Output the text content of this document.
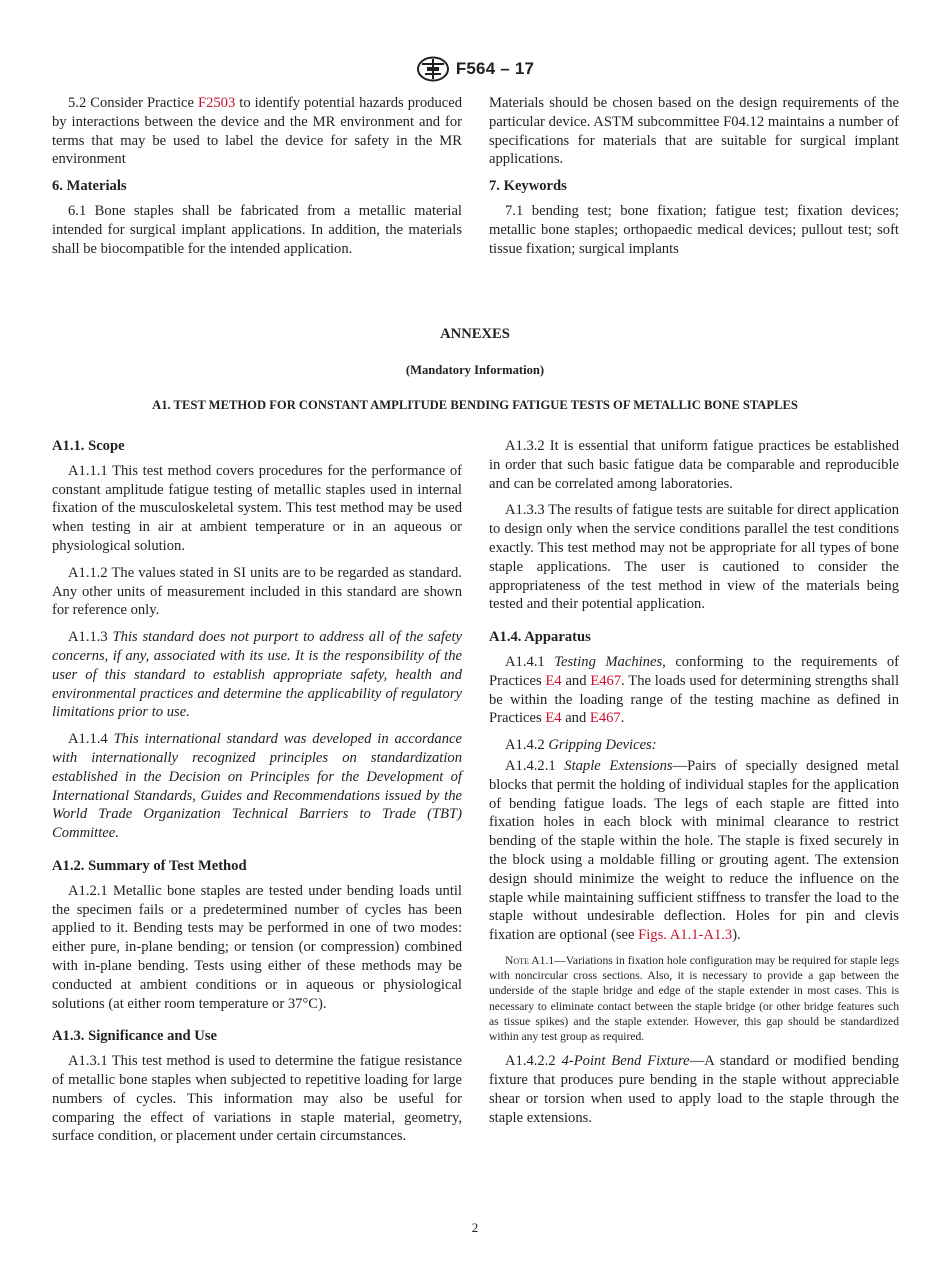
F564 – 17

5.2 Consider Practice F2503 to identify potential hazards produced by interactions between the device and the MR environment and for terms that may be used to label the device for safety in the MR environment

6. Materials

6.1 Bone staples shall be fabricated from a metallic material intended for surgical implant applications. In addition, the materials shall be biocompatible for the intended application.

Materials should be chosen based on the design requirements of the particular device. ASTM subcommittee F04.12 maintains a number of specifications for materials that are suitable for surgical implant applications.

7. Keywords

7.1 bending test; bone fixation; fatigue test; fixation devices; metallic bone staples; orthopaedic medical devices; pullout test; soft tissue fixation; surgical implants

ANNEXES
(Mandatory Information)
A1. TEST METHOD FOR CONSTANT AMPLITUDE BENDING FATIGUE TESTS OF METALLIC BONE STAPLES
A1.1. Scope

A1.1.1 This test method covers procedures for the performance of constant amplitude fatigue testing of metallic staples used in internal fixation of the musculoskeletal system. This test method may be used when testing in air at ambient temperature or in an aqueous or physiological solution.

A1.1.2 The values stated in SI units are to be regarded as standard. Any other units of measurement included in this standard are shown for reference only.

A1.1.3 This standard does not purport to address all of the safety concerns, if any, associated with its use. It is the responsibility of the user of this standard to establish appropriate safety, health and environmental practices and determine the applicability of regulatory limitations prior to use.

A1.1.4 This international standard was developed in accordance with internationally recognized principles on standardization established in the Decision on Principles for the Development of International Standards, Guides and Recommendations issued by the World Trade Organization Technical Barriers to Trade (TBT) Committee.

A1.2. Summary of Test Method

A1.2.1 Metallic bone staples are tested under bending loads until the specimen fails or a predetermined number of cycles has been applied to it. Bending tests may be performed in one of two modes: either pure, in-plane bending; or tension (or compression) combined with in-plane bending. Tests using either of these methods may be conducted at ambient conditions or in aqueous or physiological solutions (at either room temperature or 37°C).

A1.3. Significance and Use

A1.3.1 This test method is used to determine the fatigue resistance of metallic bone staples when subjected to repetitive loading for large numbers of cycles. This information may also be useful for comparing the effect of variations in staple material, geometry, surface condition, or placement under certain circumstances.

A1.3.2 It is essential that uniform fatigue practices be established in order that such basic fatigue data be comparable and reproducible and can be correlated among laboratories.

A1.3.3 The results of fatigue tests are suitable for direct application to design only when the service conditions parallel the test conditions exactly. This test method may not be appropriate for all types of bone staple applications. The user is cautioned to consider the appropriateness of the test method in view of the materials being tested and their potential application.

A1.4. Apparatus

A1.4.1 Testing Machines, conforming to the requirements of Practices E4 and E467. The loads used for determining strengths shall be within the loading range of the testing machine as defined in Practices E4 and E467.

A1.4.2 Gripping Devices:

A1.4.2.1 Staple Extensions—Pairs of specially designed metal blocks that permit the holding of individual staples for the application of bending fatigue loads. The legs of each staple are fitted into fixation holes in each block with minimal clearance to restrict bending of the staple within the hole. The staple is fixed securely in the block using a moldable filling or grouting agent. The extension design should minimize the weight to reduce the influence on the staple while maintaining sufficient stiffness to transfer the load to the staple without undesirable deflection. Holes for pin and clevis fixation are optional (see Figs. A1.1-A1.3).

Note A1.1—Variations in fixation hole configuration may be required for staple legs with noncircular cross sections. Also, it is necessary to provide a gap between the underside of the staple bridge and edge of the staple extender in most cases. This is necessary to eliminate contact between the staple bridge (or other bridge features such as tissue spikes) and the staple extender. However, this gap should be standardized within any test group as required.

A1.4.2.2 4-Point Bend Fixture—A standard or modified bending fixture that produces pure bending in the staple without appreciable shear or torsion when used to apply load to the staple through the staple extensions.

2
